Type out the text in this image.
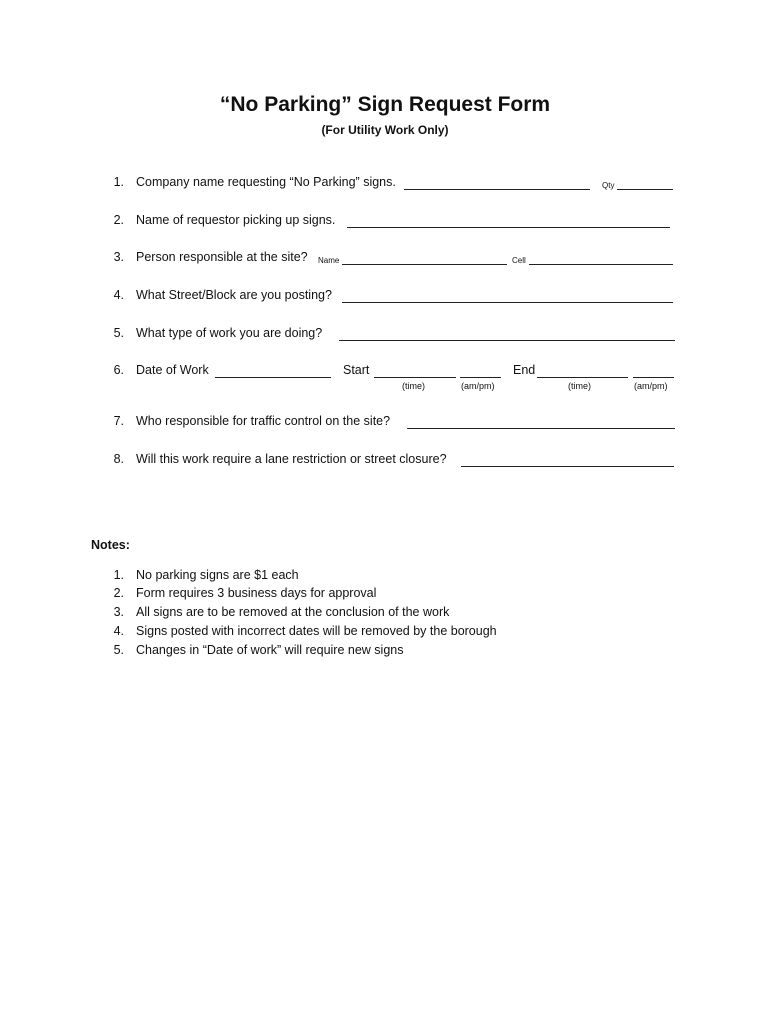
“No Parking” Sign Request Form
(For Utility Work Only)
1. Company name requesting “No Parking” signs.	Qty
2. Name of requestor picking up signs.
3. Person responsible at the site? Name	Cell
4. What Street/Block are you posting?
5. What type of work you are doing?
6. Date of Work	Start	End
(time)	(am/pm)	(time)	(am/pm)
7. Who responsible for traffic control on the site?
8. Will this work require a lane restriction or street closure?
Notes:
1. No parking signs are $1 each
2. Form requires 3 business days for approval
3. All signs are to be removed at the conclusion of the work
4. Signs posted with incorrect dates will be removed by the borough
5. Changes in “Date of work” will require new signs
